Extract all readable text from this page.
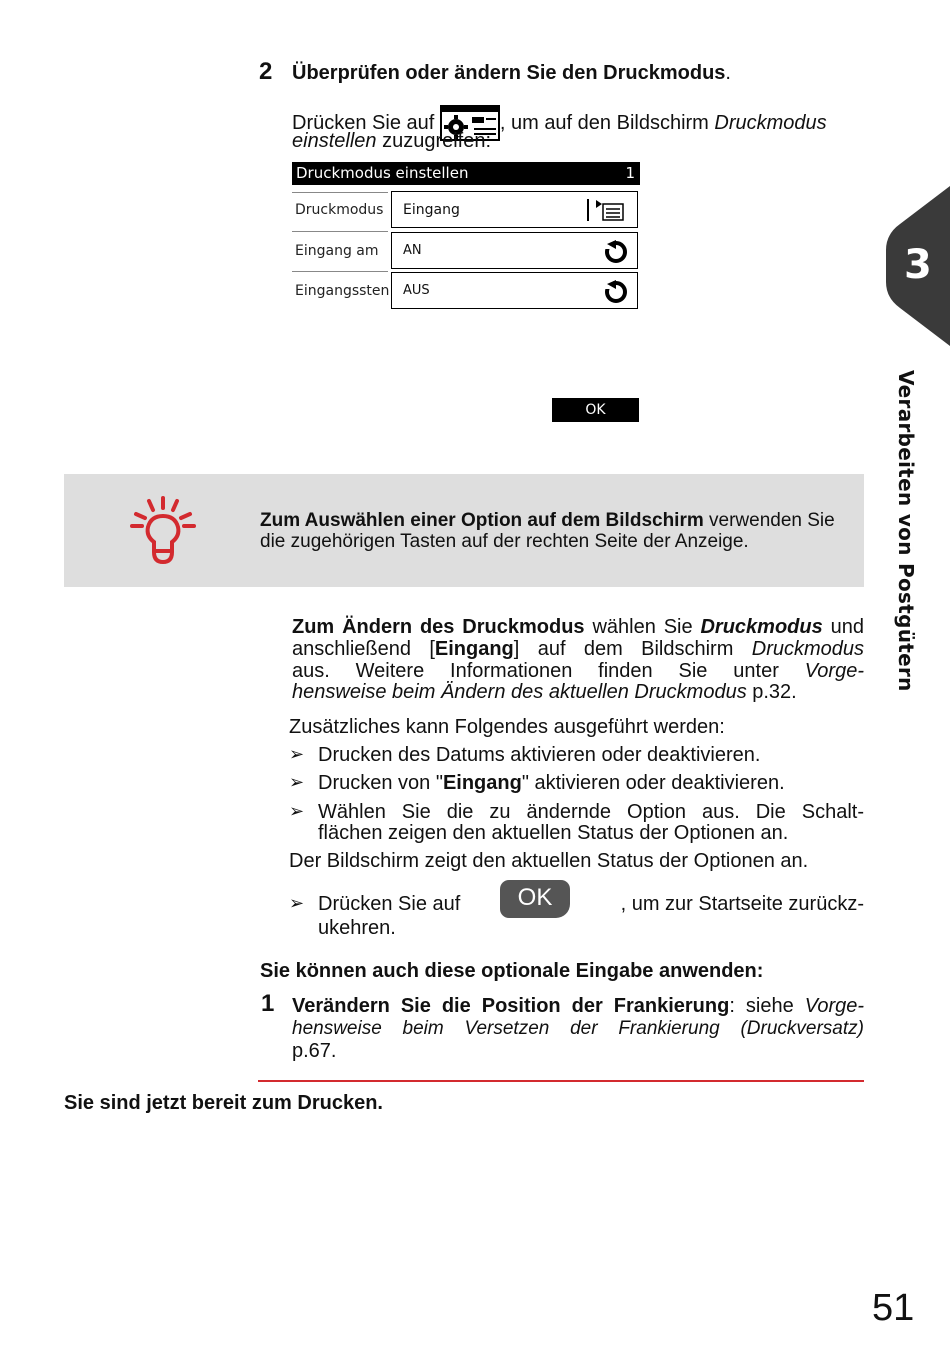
2 Überprüfen oder ändern Sie den Druckmodus.
Drücken Sie auf	, um auf den Bildschirm Druckmodus
einstellen zuzugreifen:
Druckmodus einstellen	1
Druckmodus Eingang
Eingang am AN
Eingangssten AUS
OK
Zum Auswählen einer Option auf dem Bildschirm verwenden Sie
die zugehörigen Tasten auf der rechten Seite der Anzeige.
Zum Ändern des Druckmodus wählen Sie Druckmodus und
anschließend [Eingang] auf dem Bildschirm Druckmodus
aus. Weitere Informationen finden Sie unter Vorge-
hensweise beim Ändern des aktuellen Druckmodus p.32.
Zusätzliches kann Folgendes ausgeführt werden:
➢ Drucken des Datums aktivieren oder deaktivieren.
➢ Drucken von "Eingang" aktivieren oder deaktivieren.
➢ Wählen Sie die zu ändernde Option aus. Die Schalt-
flächen zeigen den aktuellen Status der Optionen an.
Der Bildschirm zeigt den aktuellen Status der Optionen an.
➢ Drücken Sie auf	OK	, um zur Startseite zurückz-
ukehren.
Sie können auch diese optionale Eingabe anwenden:
1 Verändern Sie die Position der Frankierung: siehe Vorge-
hensweise beim Versetzen der Frankierung (Druckversatz)
p.67.
Sie sind jetzt bereit zum Drucken.
3
Verarbeiten von Postgütern
51
